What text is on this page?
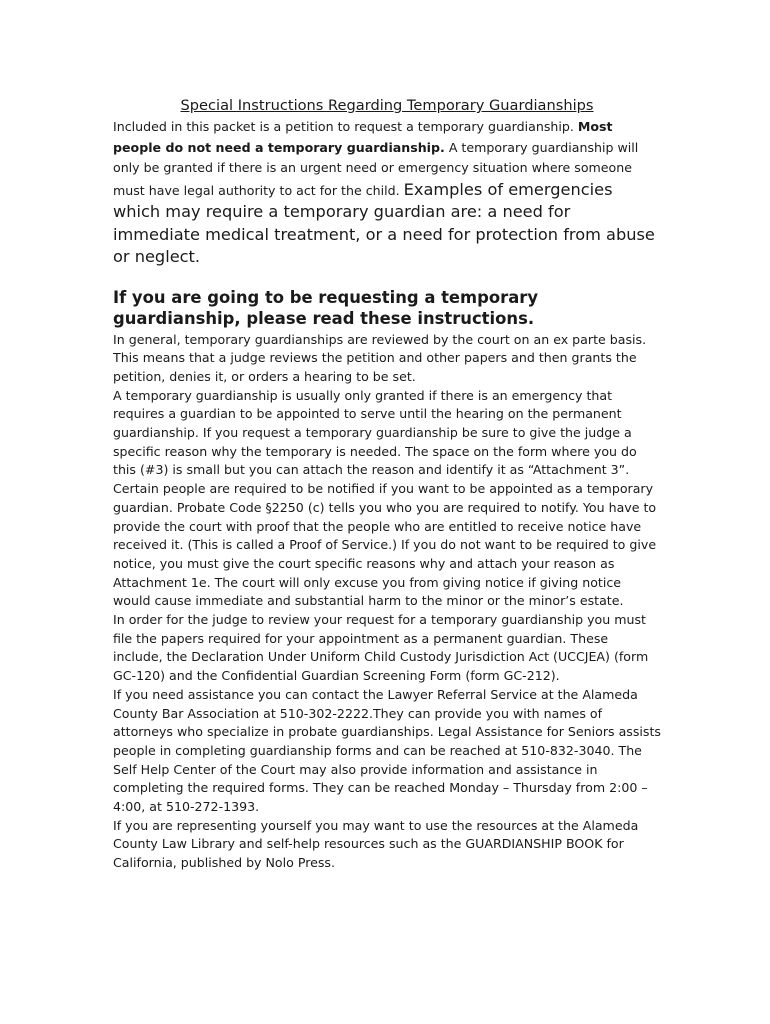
Special Instructions Regarding Temporary Guardianships

Included in this packet is a petition to request a temporary guardianship. Most people do not need a temporary guardianship. A temporary guardianship will only be granted if there is an urgent need or emergency situation where someone must have legal authority to act for the child. Examples of emergencies which may require a temporary guardian are: a need for immediate medical treatment, or a need for protection from abuse or neglect.

If you are going to be requesting a temporary guardianship, please read these instructions.

In general, temporary guardianships are reviewed by the court on an ex parte basis. This means that a judge reviews the petition and other papers and then grants the petition, denies it, or orders a hearing to be set.

A temporary guardianship is usually only granted if there is an emergency that requires a guardian to be appointed to serve until the hearing on the permanent guardianship. If you request a temporary guardianship be sure to give the judge a specific reason why the temporary is needed. The space on the form where you do this (#3) is small but you can attach the reason and identify it as “Attachment 3”.

Certain people are required to be notified if you want to be appointed as a temporary guardian. Probate Code §2250 (c) tells you who you are required to notify. You have to provide the court with proof that the people who are entitled to receive notice have received it. (This is called a Proof of Service.) If you do not want to be required to give notice, you must give the court specific reasons why and attach your reason as Attachment 1e. The court will only excuse you from giving notice if giving notice would cause immediate and substantial harm to the minor or the minor’s estate.

In order for the judge to review your request for a temporary guardianship you must file the papers required for your appointment as a permanent guardian. These include, the Declaration Under Uniform Child Custody Jurisdiction Act (UCCJEA) (form GC-120) and the Confidential Guardian Screening Form (form GC-212).

If you need assistance you can contact the Lawyer Referral Service at the Alameda County Bar Association at 510-302-2222.They can provide you with names of attorneys who specialize in probate guardianships. Legal Assistance for Seniors assists people in completing guardianship forms and can be reached at 510-832-3040. The Self Help Center of the Court may also provide information and assistance in completing the required forms. They can be reached Monday – Thursday from 2:00 – 4:00, at 510-272-1393.

If you are representing yourself you may want to use the resources at the Alameda County Law Library and self-help resources such as the GUARDIANSHIP BOOK for California, published by Nolo Press.
